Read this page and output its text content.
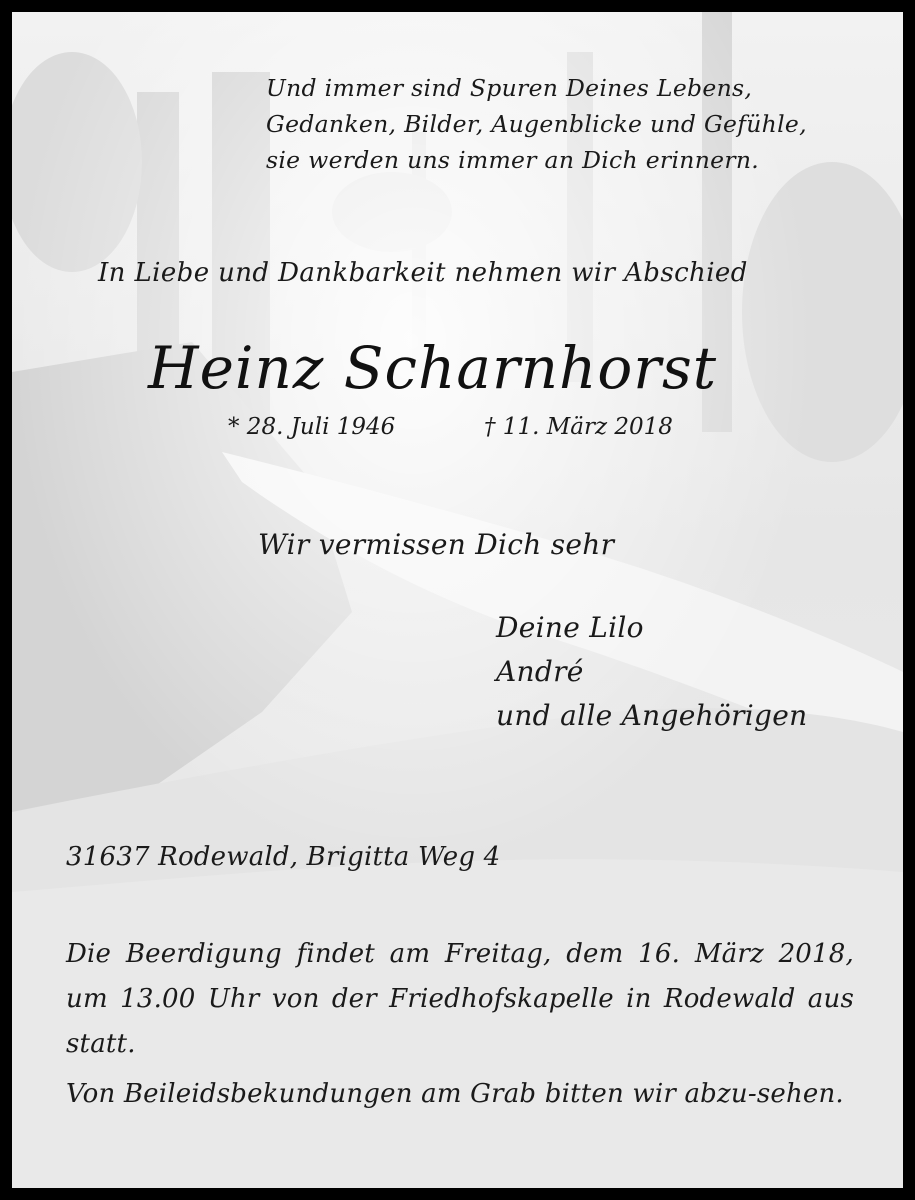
Und immer sind Spuren Deines Lebens,
Gedanken, Bilder, Augenblicke und Gefühle,
sie werden uns immer an Dich erinnern.

In Liebe und Dankbarkeit nehmen wir Abschied

Heinz Scharnhorst

* 28. Juli 1946	† 11. März 2018

Wir vermissen Dich sehr

Deine Lilo
André
und alle Angehörigen

31637 Rodewald, Brigitta Weg 4

Die Beerdigung findet am Freitag, dem 16. März 2018, um 13.00 Uhr von der Friedhofskapelle in Rodewald aus statt.

Von Beileidsbekundungen am Grab bitten wir abzu-sehen.
